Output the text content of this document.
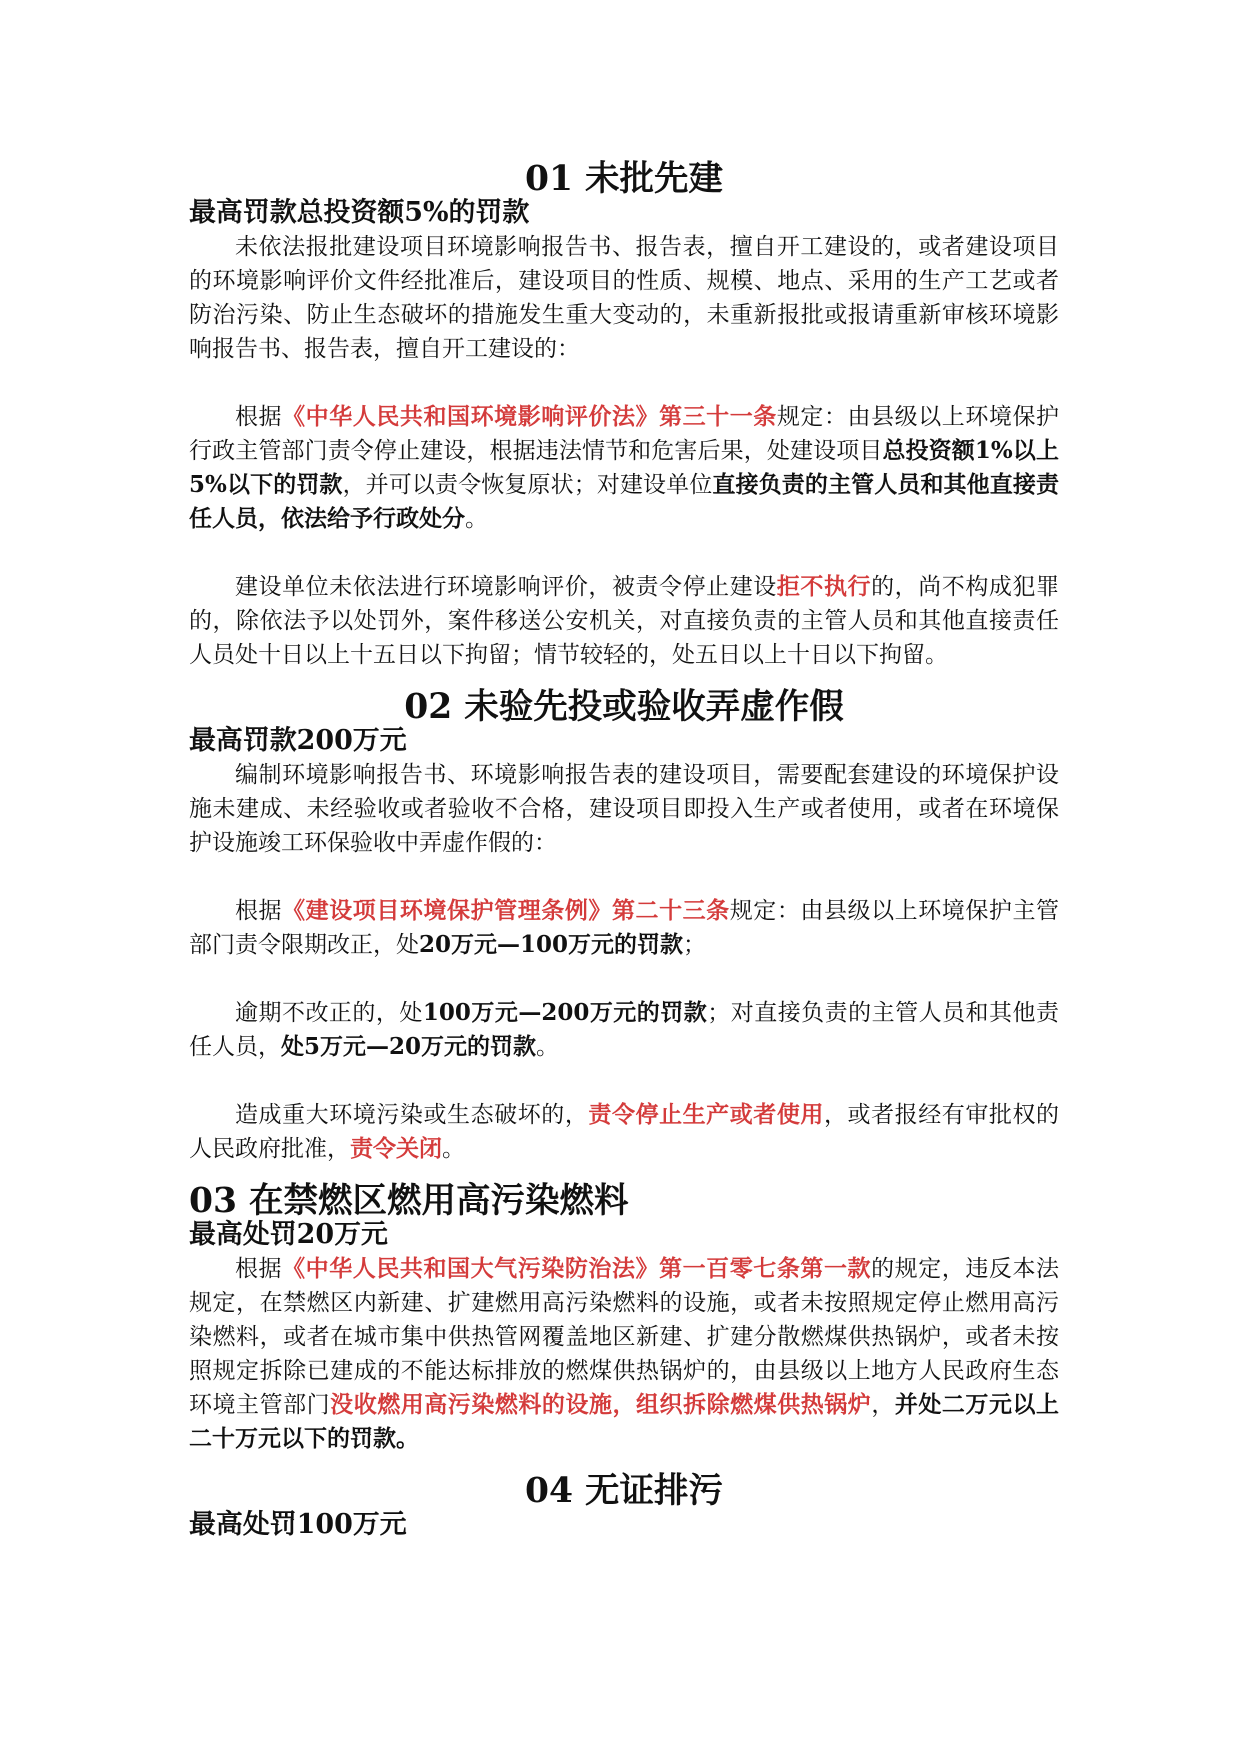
01 未批先建
最高罚款总投资额5%的罚款

未依法报批建设项目环境影响报告书、报告表，擅自开工建设的，或者建设项目的环境影响评价文件经批准后，建设项目的性质、规模、地点、采用的生产工艺或者防治污染、防止生态破坏的措施发生重大变动的，未重新报批或报请重新审核环境影响报告书、报告表，擅自开工建设的：

根据《中华人民共和国环境影响评价法》第三十一条规定：由县级以上环境保护行政主管部门责令停止建设，根据违法情节和危害后果，处建设项目总投资额1%以上5%以下的罚款，并可以责令恢复原状；对建设单位直接负责的主管人员和其他直接责任人员，依法给予行政处分。

建设单位未依法进行环境影响评价，被责令停止建设拒不执行的，尚不构成犯罪的，除依法予以处罚外，案件移送公安机关，对直接负责的主管人员和其他直接责任人员处十日以上十五日以下拘留；情节较轻的，处五日以上十日以下拘留。

02 未验先投或验收弄虚作假
最高罚款200万元

编制环境影响报告书、环境影响报告表的建设项目，需要配套建设的环境保护设施未建成、未经验收或者验收不合格，建设项目即投入生产或者使用，或者在环境保护设施竣工环保验收中弄虚作假的：

根据《建设项目环境保护管理条例》第二十三条规定：由县级以上环境保护主管部门责令限期改正，处20万元—100万元的罚款；

逾期不改正的，处100万元—200万元的罚款；对直接负责的主管人员和其他责任人员，处5万元—20万元的罚款。

造成重大环境污染或生态破坏的，责令停止生产或者使用，或者报经有审批权的人民政府批准，责令关闭。

03 在禁燃区燃用高污染燃料
最高处罚20万元

根据《中华人民共和国大气污染防治法》第一百零七条第一款的规定，违反本法规定，在禁燃区内新建、扩建燃用高污染燃料的设施，或者未按照规定停止燃用高污染燃料，或者在城市集中供热管网覆盖地区新建、扩建分散燃煤供热锅炉，或者未按照规定拆除已建成的不能达标排放的燃煤供热锅炉的，由县级以上地方人民政府生态环境主管部门没收燃用高污染燃料的设施，组织拆除燃煤供热锅炉，并处二万元以上二十万元以下的罚款。

04 无证排污
最高处罚100万元
